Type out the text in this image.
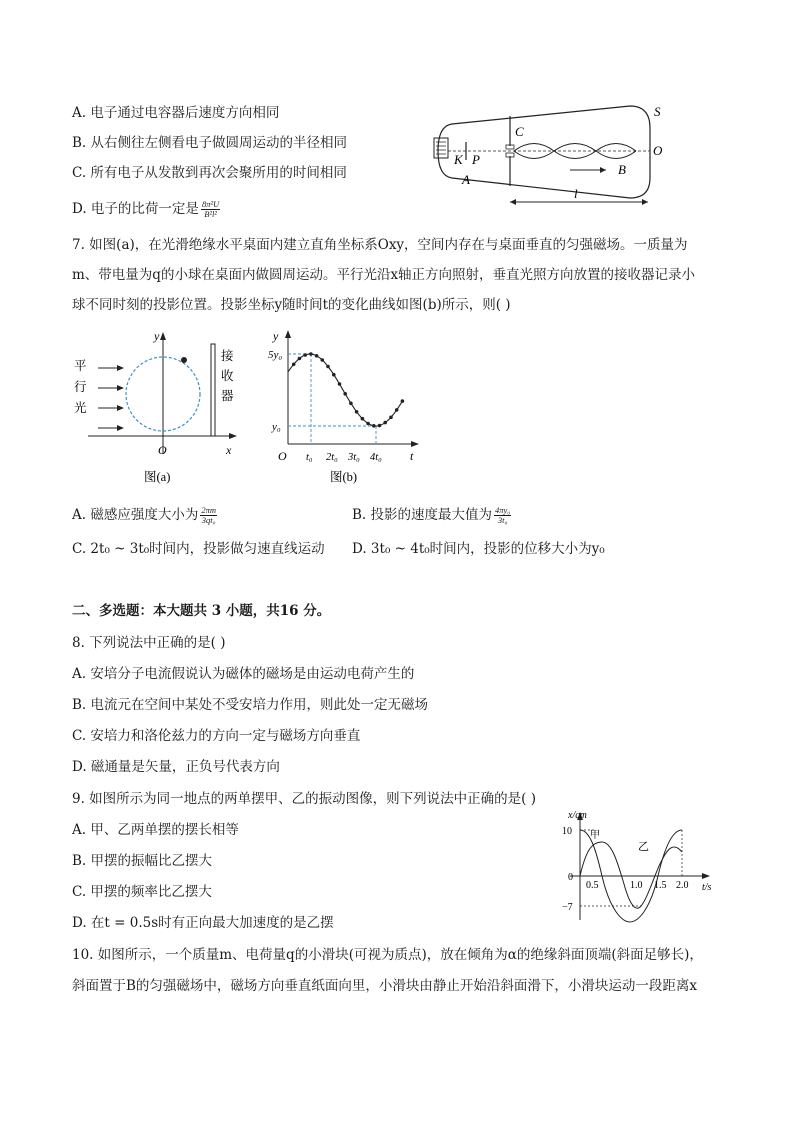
A. 电子通过电容器后速度方向相同
B. 从右侧往左侧看电子做圆周运动的半径相同
C. 所有电子从发散到再次会聚所用的时间相同
D. 电子的比荷一定是 $\frac{\text{8π²U}}{\text{B²l²}}$
S
O
C
K P
A
B
l
7. 如图(a)，在光滑绝缘水平桌面内建立直角坐标系Oxy，空间内存在与桌面垂直的匀强磁场。一质量为
m、带电量为q的小球在桌面内做圆周运动。平行光沿x轴正方向照射，垂直光照方向放置的接收器记录小
球不同时刻的投影位置。投影坐标y随时间t的变化曲线如图(b)所示，则( )
平
行
光
接
收
器
y
x
O
图(a)
y
t
O
5y₀
y₀
t₀ 2t₀ 3t₀ 4t₀
图(b)
A. 磁感应强度大小为 $\frac{2\pi m}{\text{3qt₀}}$	B. 投影的速度最大值为 $\frac{\text{4πy₀}}{\text{3t₀}}$
C. 2t₀ ~ 3t₀时间内，投影做匀速直线运动 D. 3t₀ ~ 4t₀时间内，投影的位移大小为y₀
二、多选题：本大题共 3 小题，共16 分。
8. 下列说法中正确的是( )
A. 安培分子电流假说认为磁体的磁场是由运动电荷产生的
B. 电流元在空间中某处不受安培力作用，则此处一定无磁场
C. 安培力和洛伦兹力的方向一定与磁场方向垂直
D. 磁通量是矢量，正负号代表方向
9. 如图所示为同一地点的两单摆甲、乙的振动图像，则下列说法中正确的是( )
A. 甲、乙两单摆的摆长相等
B. 甲摆的振幅比乙摆大
C. 甲摆的频率比乙摆大
D. 在t = 0.5s时有正向最大加速度的是乙摆
x/cm
t/s
0
10
−7
0.5	1.0 1.5 2.0
甲
乙
10. 如图所示，一个质量m、电荷量q的小滑块(可视为质点)，放在倾角为α的绝缘斜面顶端(斜面足够长)，
斜面置于B的匀强磁场中，磁场方向垂直纸面向里，小滑块由静止开始沿斜面滑下，小滑块运动一段距离x
